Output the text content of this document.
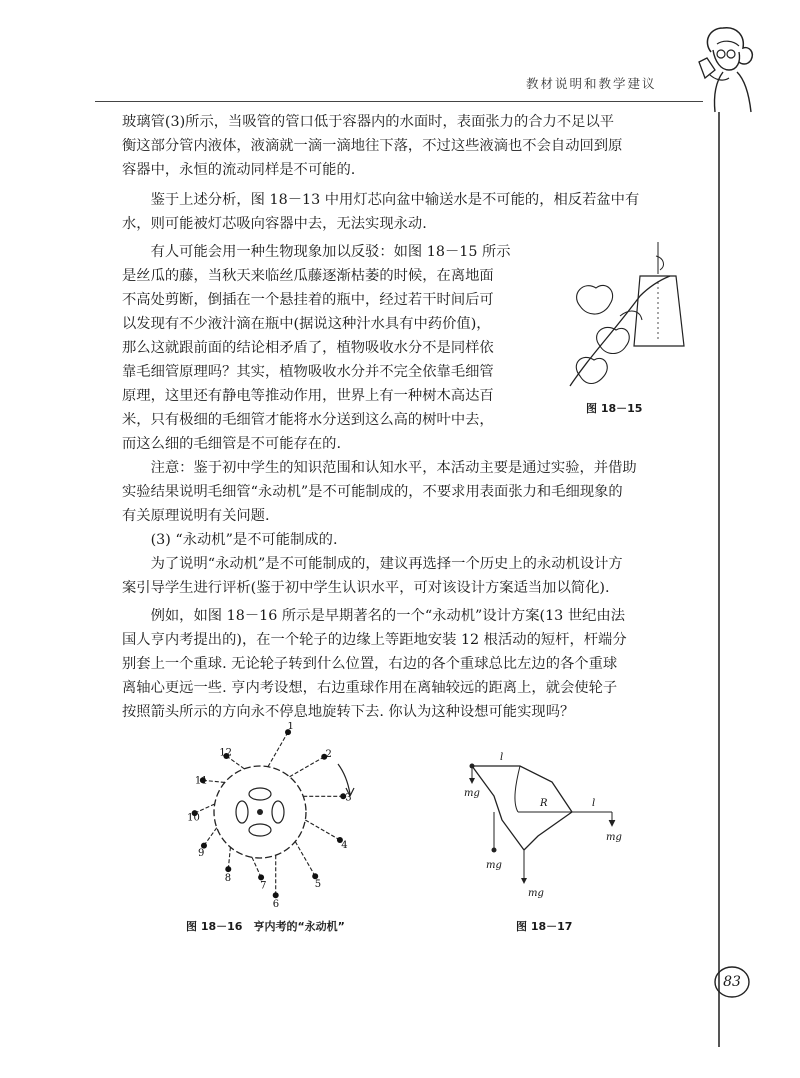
教材说明和教学建议
玻璃管(3)所示，当吸管的管口低于容器内的水面时，表面张力的合力不足以平
衡这部分管内液体，液滴就一滴一滴地往下落，不过这些液滴也不会自动回到原
容器中，永恒的流动同样是不可能的.
　　鉴于上述分析，图 18－13 中用灯芯向盆中输送水是不可能的，相反若盆中有
水，则可能被灯芯吸向容器中去，无法实现永动.
　　有人可能会用一种生物现象加以反驳：如图 18－15 所示
是丝瓜的藤，当秋天来临丝瓜藤逐渐枯萎的时候，在离地面
不高处剪断，倒插在一个悬挂着的瓶中，经过若干时间后可
以发现有不少液汁滴在瓶中(据说这种汁水具有中药价值)，
那么这就跟前面的结论相矛盾了，植物吸收水分不是同样依
靠毛细管原理吗？其实，植物吸收水分并不完全依靠毛细管
原理，这里还有静电等推动作用，世界上有一种树木高达百
米，只有极细的毛细管才能将水分送到这么高的树叶中去，
而这么细的毛细管是不可能存在的.
图 18－15
　　注意：鉴于初中学生的知识范围和认知水平，本活动主要是通过实验，并借助
实验结果说明毛细管“永动机”是不可能制成的，不要求用表面张力和毛细现象的
有关原理说明有关问题.
　　(3) “永动机”是不可能制成的.
　　为了说明“永动机”是不可能制成的，建议再选择一个历史上的永动机设计方
案引导学生进行评析(鉴于初中学生认识水平，可对该设计方案适当加以简化).
　　例如，如图 18－16 所示是早期著名的一个“永动机”设计方案(13 世纪由法
国人亨内考提出的)，在一个轮子的边缘上等距地安装 12 根活动的短杆，杆端分
别套上一个重球. 无论轮子转到什么位置，右边的各个重球总比左边的各个重球
离轴心更远一些. 亨内考设想，右边重球作用在离轴较远的距离上，就会使轮子
按照箭头所示的方向永不停息地旋转下去. 你认为这种设想可能实现吗？
1
2
3
4
5
6
7
8
9
10
11
12
图 18－16　亨内考的“永动机”
l
R	l
mg
mg
mg
mg
图 18－17
83
